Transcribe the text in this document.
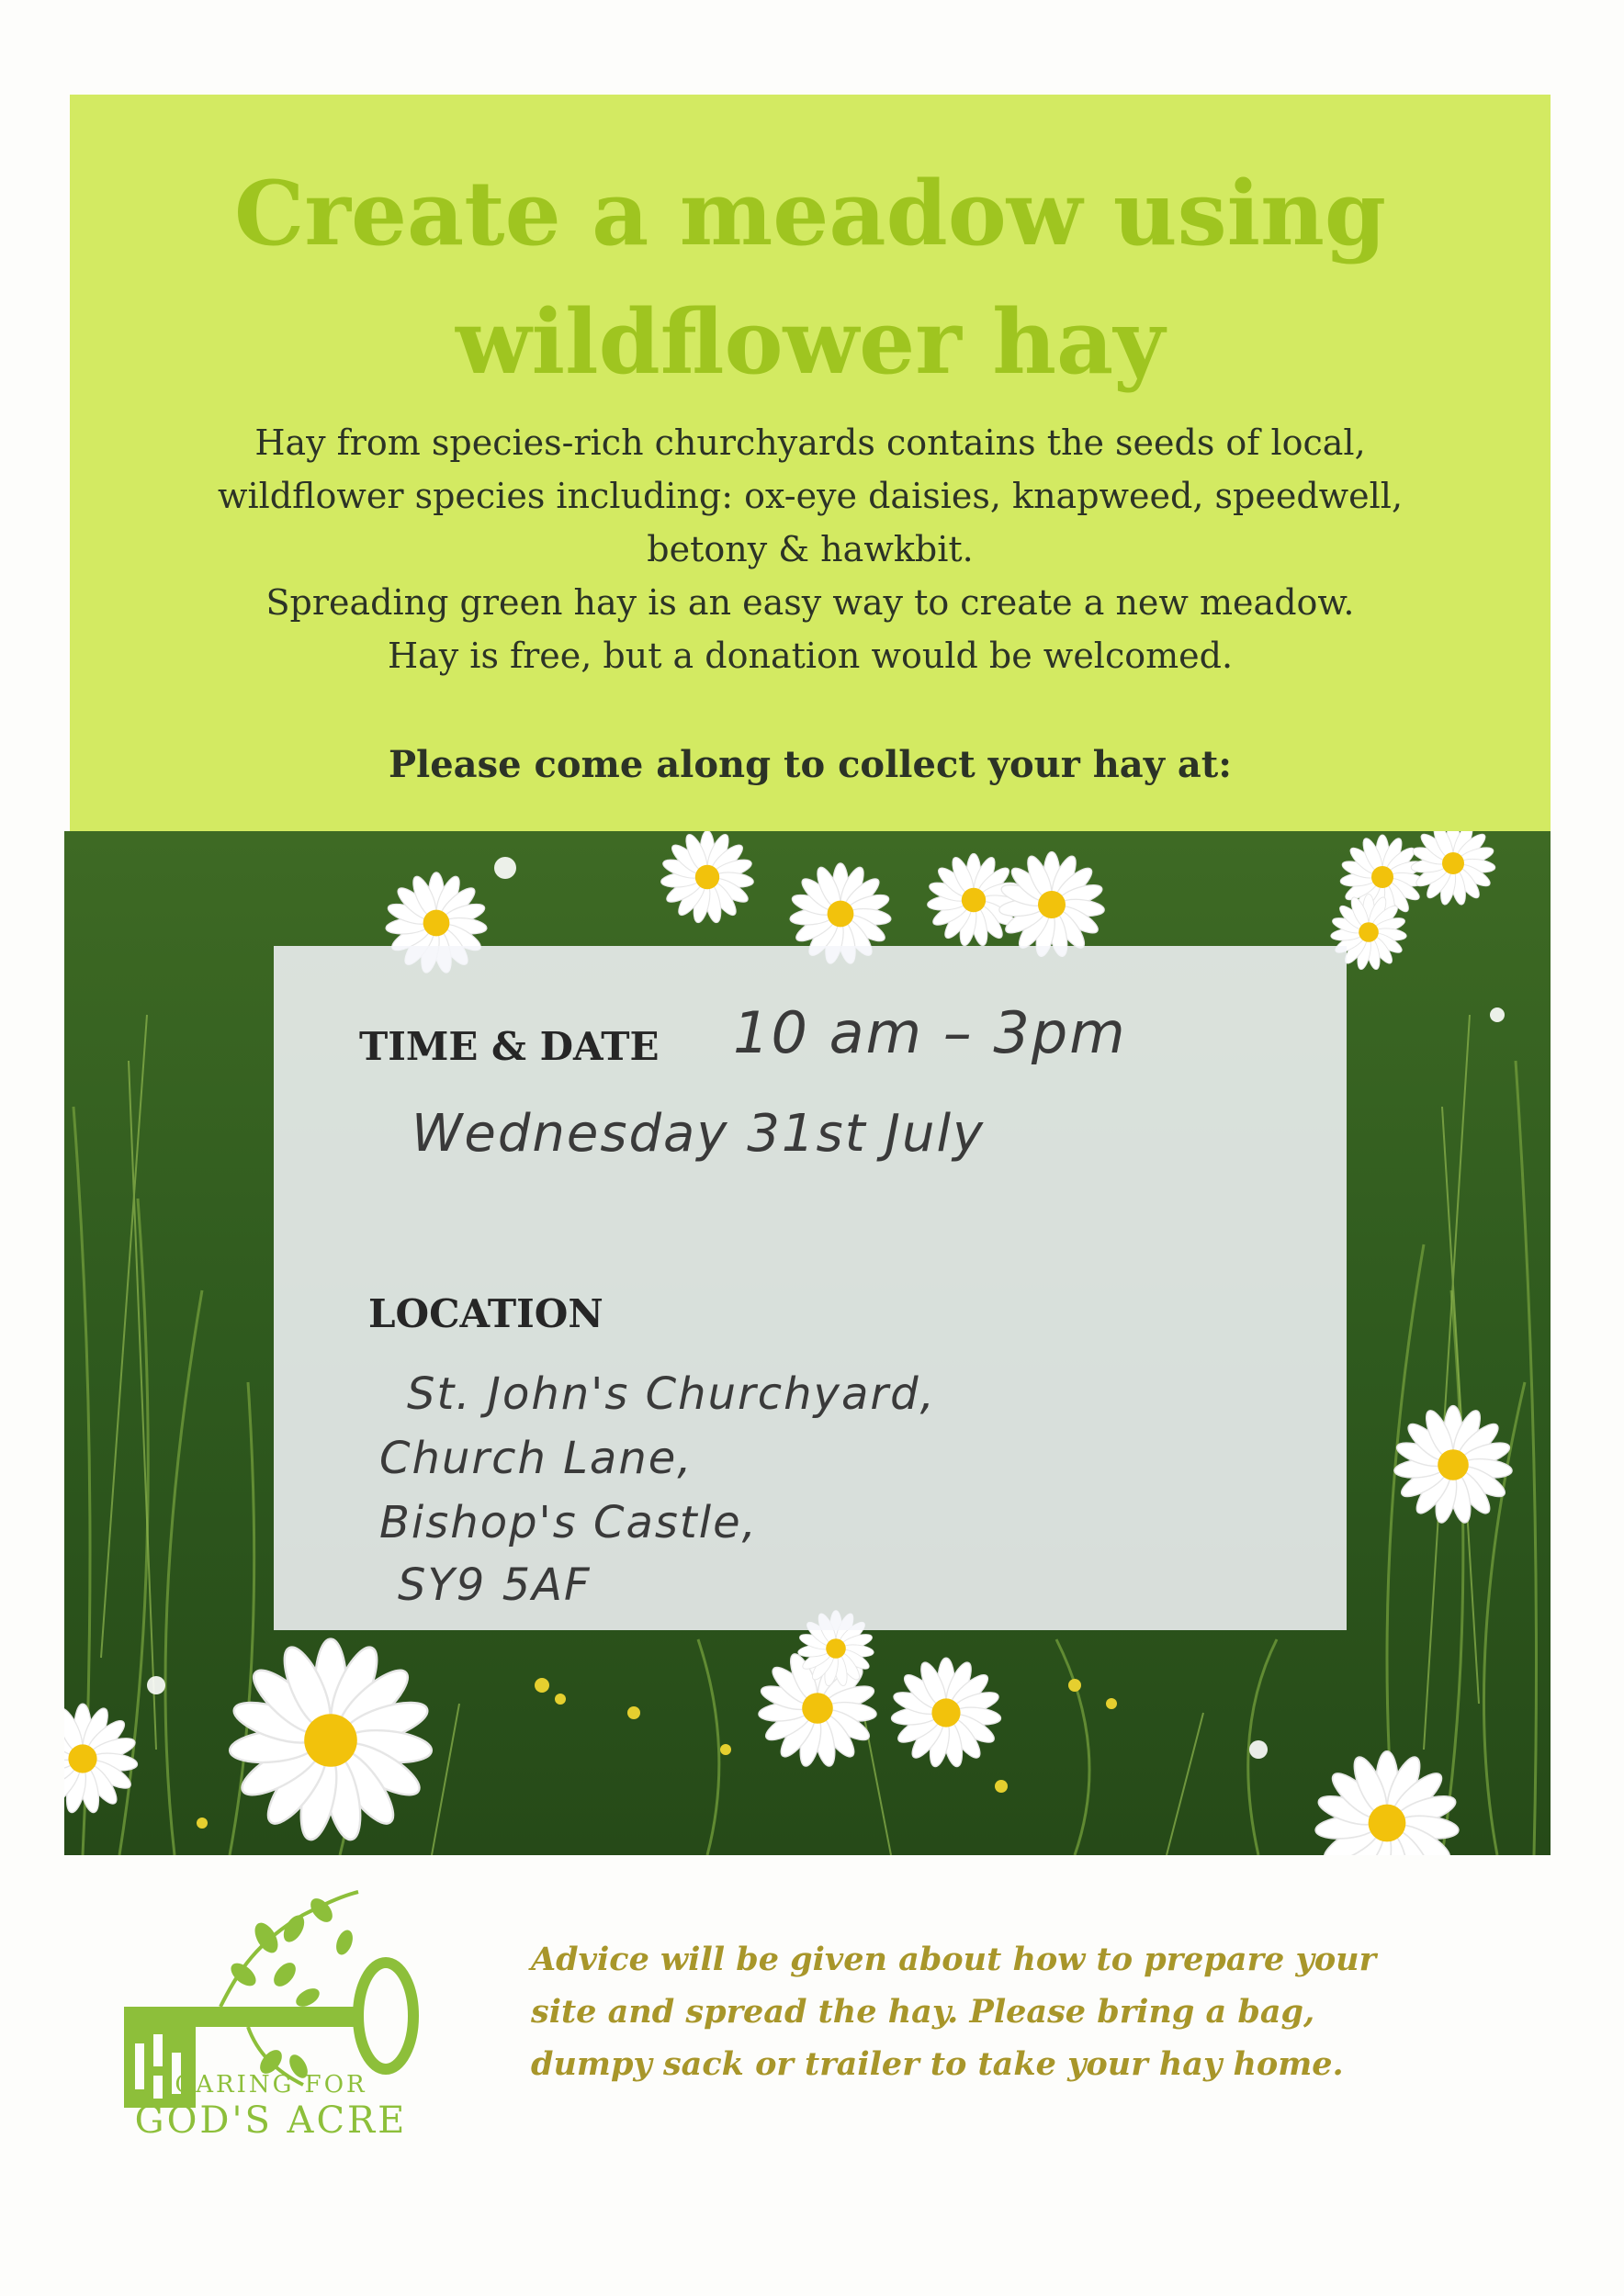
Create a meadow using
wildflower hay
Hay from species-rich churchyards contains the seeds of local,
wildflower species including: ox-eye daisies, knapweed, speedwell,
betony & hawkbit.
Spreading green hay is an easy way to create a new meadow.
Hay is free, but a donation would be welcomed.
Please come along to collect your hay at:
TIME & DATE 10 am – 3pm
Wednesday 31st July
LOCATION
St. John's Churchyard,
Church Lane,
Bishop's Castle,
SY9 5AF
CARING FOR
GOD'S ACRE
Advice will be given about how to prepare your
site and spread the hay. Please bring a bag,
dumpy sack or trailer to take your hay home.
